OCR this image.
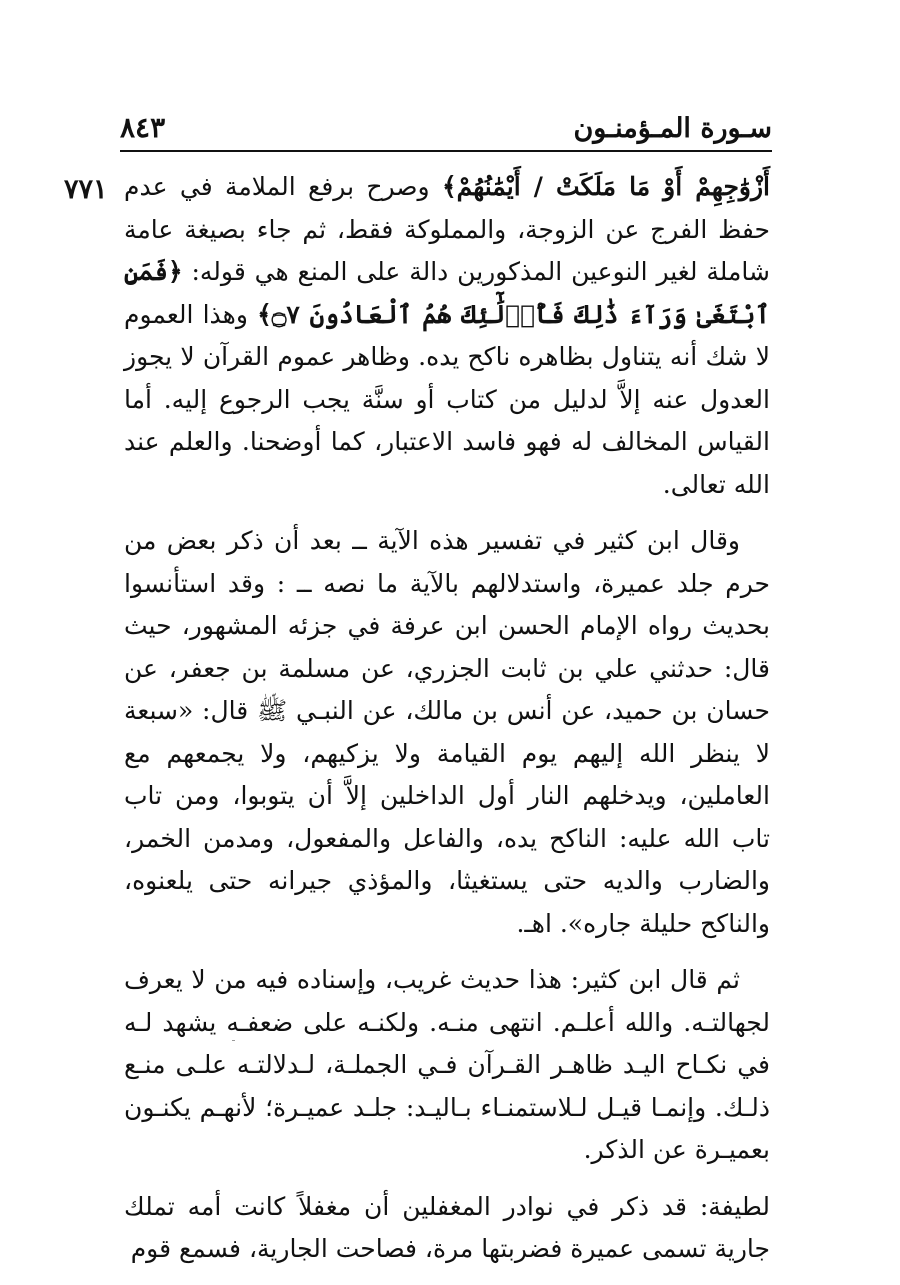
سـورة المـؤمنـون
٨٤٣
٧٧١	أَزْوَٰجِهِمْ أَوْ مَا مَلَكَتْ / أَيْمَٰنُهُمْ﴾ وصرح برفع الملامة في عدم حفظ الفرج عن الزوجة، والمملوكة فقط، ثم جاء بصيغة عامة شاملة لغير النوعين المذكورين دالة على المنع هي قوله: ﴿فَمَنِ ٱبْتَغَىٰ وَرَآءَ ذَٰلِكَ فَأُو۟لَٰٓئِكَ هُمُ ٱلْعَادُونَ ۝٧﴾ وهذا العموم لا شك أنه يتناول بظاهره ناكح يده. وظاهر عموم القرآن لا يجوز العدول عنه إلاَّ لدليل من كتاب أو سنَّة يجب الرجوع إليه. أما القياس المخالف له فهو فاسد الاعتبار، كما أوضحنا. والعلم عند الله تعالى.

وقال ابن كثير في تفسير هذه الآية ــ بعد أن ذكر بعض من حرم جلد عميرة، واستدلالهم بالآية ما نصه ــ : وقد استأنسوا بحديث رواه الإمام الحسن ابن عرفة في جزئه المشهور، حيث قال: حدثني علي بن ثابت الجزري، عن مسلمة بن جعفر، عن حسان بن حميد، عن أنس بن مالك، عن النبـي ﷺ قال: «سبعة لا ينظر الله إليهم يوم القيامة ولا يزكيهم، ولا يجمعهم مع العاملين، ويدخلهم النار أول الداخلين إلاَّ أن يتوبوا، ومن تاب تاب الله عليه: الناكح يده، والفاعل والمفعول، ومدمن الخمر، والضارب والديه حتى يستغيثا، والمؤذي جيرانه حتى يلعنوه، والناكح حليلة جاره». اهـ.

ثم قال ابن كثير: هذا حديث غريب، وإسناده فيه من لا يعرف لجهالتـه. والله أعلـم. انتهى منـه. ولكنـه على ضعفـه يشهد لـه في نكـاح اليـد ظاهـر القـرآن فـي الجملـة، لـدلالتـه علـى منـع ذلـك. وإنمـا قيـل لـلاستمنـاء بـاليـد: جلـد عميـرة؛ لأنهـم يكنـون بعميـرة عن الذكر.

لطيفة: قد ذكر في نوادر المغفلين أن مغفلاً كانت أمه تملك جارية تسمى عميرة فضربتها مرة، فصاحت الجارية، فسمع قوم
